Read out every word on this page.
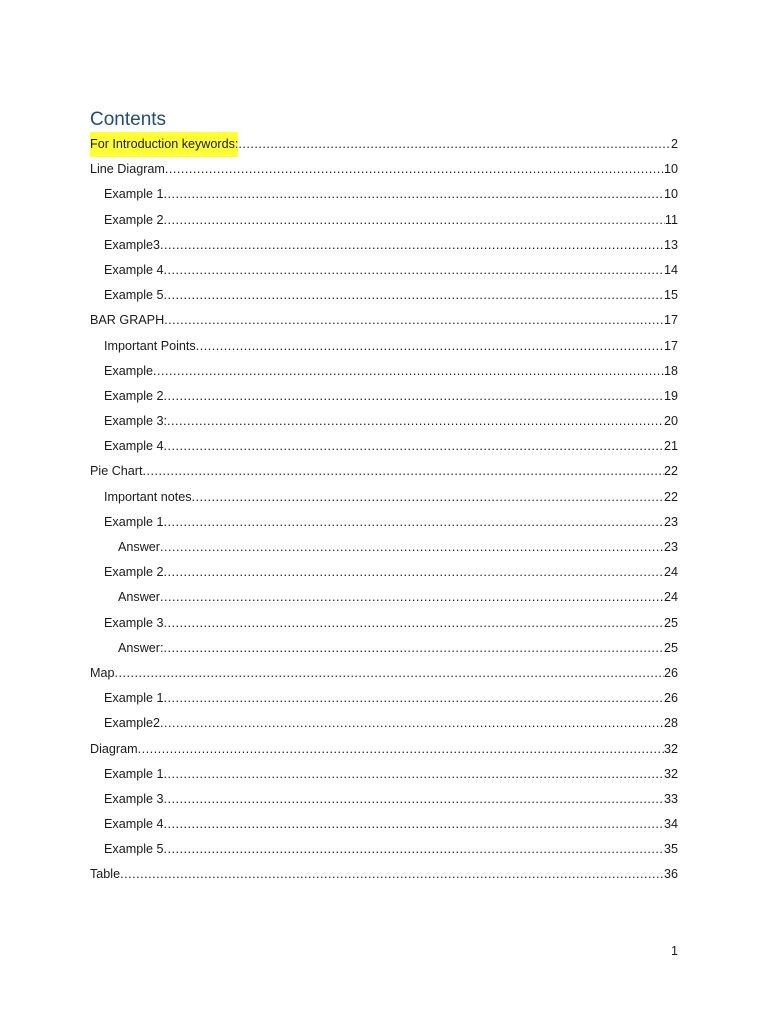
Contents
For Introduction keywords: .....	2
Line Diagram .....	10
Example 1 .....	10
Example 2 .....	11
Example3 .....	13
Example 4 .....	14
Example 5 .....	15
BAR GRAPH .....	17
Important Points .....	17
Example .....	18
Example 2 .....	19
Example 3: .....	20
Example 4 .....	21
Pie Chart .....	22
Important notes .....	22
Example 1 .....	23
Answer .....	23
Example 2 .....	24
Answer .....	24
Example 3 .....	25
Answer: .....	25
Map .....	26
Example 1 .....	26
Example2 .....	28
Diagram .....	32
Example 1 .....	32
Example 3 .....	33
Example 4 .....	34
Example 5 .....	35
Table .....	36
1
